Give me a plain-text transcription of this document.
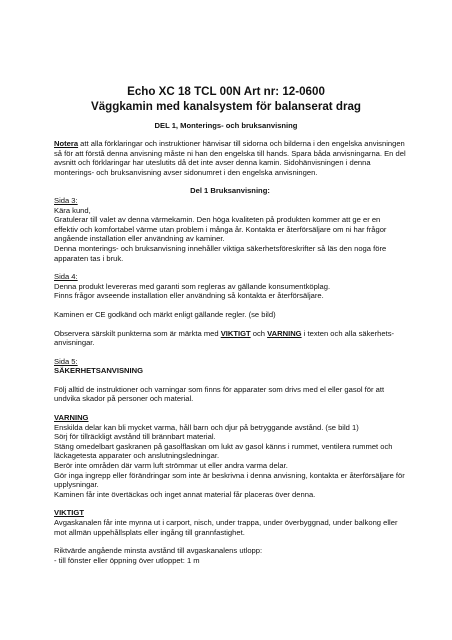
Echo XC 18 TCL 00N Art nr: 12-0600
Väggkamin med kanalsystem för balanserat drag
DEL 1, Monterings- och bruksanvisning

Notera att alla förklaringar och instruktioner hänvisar till sidorna och bilderna i den engelska anvisningen så för att förstå denna anvisning måste ni han den engelska till hands. Spara båda anvisningarna. En del avsnitt och förklaringar har uteslutits då det inte avser denna kamin. Sidohänvisningen i denna monterings- och bruksanvisning avser sidonumret i den engelska anvisningen.

Del 1 Bruksanvisning:

Sida 3:

Kära kund,

Gratulerar till valet av denna värmekamin. Den höga kvaliteten på produkten kommer att ge er en effektiv och komfortabel värme utan problem i många år. Kontakta er återförsäljare om ni har frågor angående installation eller användning av kaminer.

Denna monterings- och bruksanvisning innehåller viktiga säkerhetsföreskrifter så läs den noga före apparaten tas i bruk.

Sida 4:

Denna produkt levereras med garanti som regleras av gällande konsumentköplag.

Finns frågor avseende installation eller användning så kontakta er återförsäljare.

Kaminen er CE godkänd och märkt enligt gällande regler. (se bild)

Observera särskilt punkterna som är märkta med VIKTIGT och VARNING i texten och alla säkerhets-anvisningar.

Sida 5:

SÄKERHETSANVISNING

Följ alltid de instruktioner och varningar som finns för apparater som drivs med el eller gasol för att undvika skador på personer och material.

VARNING

Enskilda delar kan bli mycket varma, håll barn och djur på betryggande avstånd. (se bild 1)

Sörj för tillräckligt avstånd till brännbart material.

Stäng omedelbart gaskranen på gasolflaskan om lukt av gasol känns i rummet, ventilera rummet och läckagetesta apparater och anslutningsledningar.

Berör inte områden där varm luft strömmar ut eller andra varma delar.

Gör inga ingrepp eller förändringar som inte är beskrivna i denna anvisning, kontakta er återförsäljare för upplysningar.

Kaminen får inte övertäckas och inget annat material får placeras över denna.

VIKTIGT

Avgaskanalen får inte mynna ut i carport, nisch, under trappa, under överbyggnad, under balkong eller mot allmän uppehållsplats eller ingång till grannfastighet.

Riktvärde angående minsta avstånd till avgaskanalens utlopp:

- till fönster eller öppning över utloppet: 1 m
